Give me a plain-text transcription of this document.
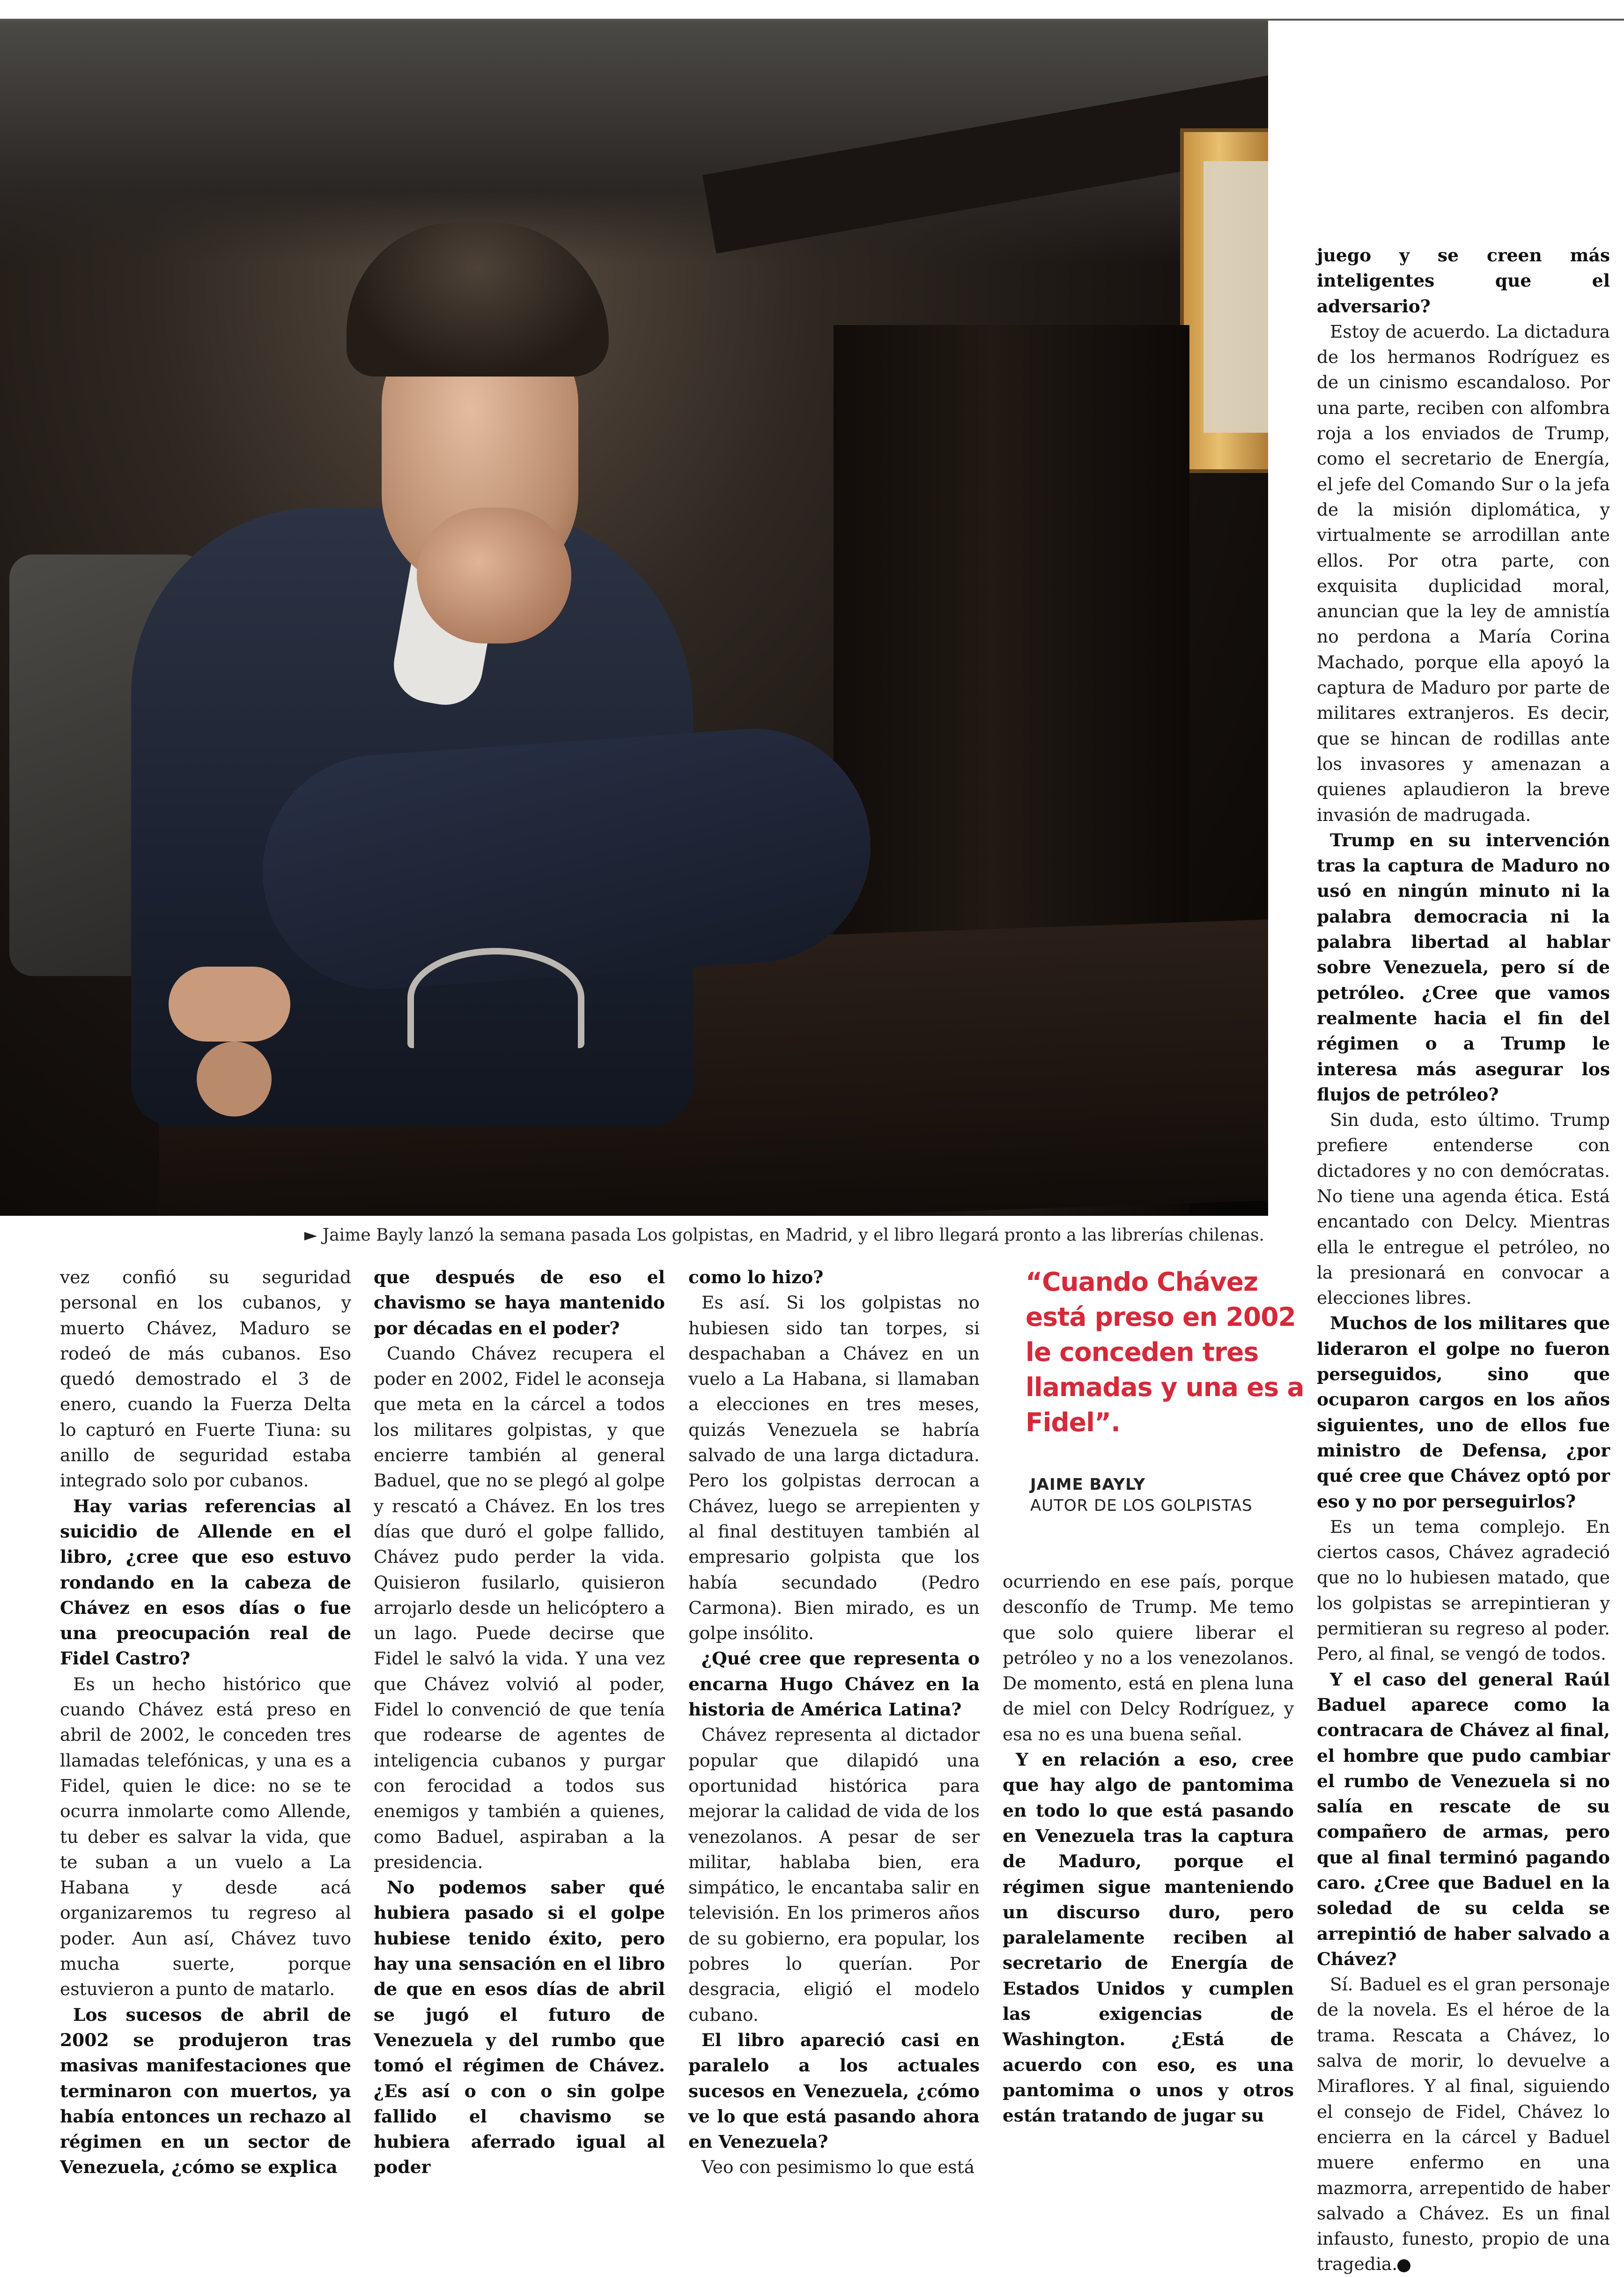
► Jaime Bayly lanzó la semana pasada Los golpistas, en Madrid, y el libro llegará pronto a las librerías chilenas.

vez confió su seguridad personal en los cubanos, y muerto Chávez, Maduro se rodeó de más cubanos. Eso quedó demostrado el 3 de enero, cuando la Fuerza Delta lo capturó en Fuerte Tiuna: su anillo de seguridad estaba integrado solo por cubanos.

Hay varias referencias al suicidio de Allende en el libro, ¿cree que eso estuvo rondando en la cabeza de Chávez en esos días o fue una preocupación real de Fidel Castro?

Es un hecho histórico que cuando Chávez está preso en abril de 2002, le conceden tres llamadas telefónicas, y una es a Fidel, quien le dice: no se te ocurra inmolarte como Allende, tu deber es salvar la vida, que te suban a un vuelo a La Habana y desde acá organizaremos tu regreso al poder. Aun así, Chávez tuvo mucha suerte, porque estuvieron a punto de matarlo.

Los sucesos de abril de 2002 se produjeron tras masivas manifestaciones que terminaron con muertos, ya había entonces un rechazo al régimen en un sector de Venezuela, ¿cómo se explica

que después de eso el chavismo se haya mantenido por décadas en el poder?

Cuando Chávez recupera el poder en 2002, Fidel le aconseja que meta en la cárcel a todos los militares golpistas, y que encierre también al general Baduel, que no se plegó al golpe y rescató a Chávez. En los tres días que duró el golpe fallido, Chávez pudo perder la vida. Quisieron fusilarlo, quisieron arrojarlo desde un helicóptero a un lago. Puede decirse que Fidel le salvó la vida. Y una vez que Chávez volvió al poder, Fidel lo convenció de que tenía que rodearse de agentes de inteligencia cubanos y purgar con ferocidad a todos sus enemigos y también a quienes, como Baduel, aspiraban a la presidencia.

No podemos saber qué hubiera pasado si el golpe hubiese tenido éxito, pero hay una sensación en el libro de que en esos días de abril se jugó el futuro de Venezuela y del rumbo que tomó el régimen de Chávez. ¿Es así o con o sin golpe fallido el chavismo se hubiera aferrado igual al poder

como lo hizo?

Es así. Si los golpistas no hubiesen sido tan torpes, si despachaban a Chávez en un vuelo a La Habana, si llamaban a elecciones en tres meses, quizás Venezuela se habría salvado de una larga dictadura. Pero los golpistas derrocan a Chávez, luego se arrepienten y al final destituyen también al empresario golpista que los había secundado (Pedro Carmona). Bien mirado, es un golpe insólito.

¿Qué cree que representa o encarna Hugo Chávez en la historia de América Latina?

Chávez representa al dictador popular que dilapidó una oportunidad histórica para mejorar la calidad de vida de los venezolanos. A pesar de ser militar, hablaba bien, era simpático, le encantaba salir en televisión. En los primeros años de su gobierno, era popular, los pobres lo querían. Por desgracia, eligió el modelo cubano.

El libro apareció casi en paralelo a los actuales sucesos en Venezuela, ¿cómo ve lo que está pasando ahora en Venezuela?

Veo con pesimismo lo que está

“Cuando Chávez está preso en 2002 le conceden tres llamadas y una es a Fidel”.
JAIME BAYLY
AUTOR DE LOS GOLPISTAS

ocurriendo en ese país, porque desconfío de Trump. Me temo que solo quiere liberar el petróleo y no a los venezolanos. De momento, está en plena luna de miel con Delcy Rodríguez, y esa no es una buena señal.

Y en relación a eso, cree que hay algo de pantomima en todo lo que está pasando en Venezuela tras la captura de Maduro, porque el régimen sigue manteniendo un discurso duro, pero paralelamente reciben al secretario de Energía de Estados Unidos y cumplen las exigencias de Washington. ¿Está de acuerdo con eso, es una pantomima o unos y otros están tratando de jugar su

juego y se creen más inteligentes que el adversario?

Estoy de acuerdo. La dictadura de los hermanos Rodríguez es de un cinismo escandaloso. Por una parte, reciben con alfombra roja a los enviados de Trump, como el secretario de Energía, el jefe del Comando Sur o la jefa de la misión diplomática, y virtualmente se arrodillan ante ellos. Por otra parte, con exquisita duplicidad moral, anuncian que la ley de amnistía no perdona a María Corina Machado, porque ella apoyó la captura de Maduro por parte de militares extranjeros. Es decir, que se hincan de rodillas ante los invasores y amenazan a quienes aplaudieron la breve invasión de madrugada.

Trump en su intervención tras la captura de Maduro no usó en ningún minuto ni la palabra democracia ni la palabra libertad al hablar sobre Venezuela, pero sí de petróleo. ¿Cree que vamos realmente hacia el fin del régimen o a Trump le interesa más asegurar los flujos de petróleo?

Sin duda, esto último. Trump prefiere entenderse con dictadores y no con demócratas. No tiene una agenda ética. Está encantado con Delcy. Mientras ella le entregue el petróleo, no la presionará en convocar a elecciones libres.

Muchos de los militares que lideraron el golpe no fueron perseguidos, sino que ocuparon cargos en los años siguientes, uno de ellos fue ministro de Defensa, ¿por qué cree que Chávez optó por eso y no por perseguirlos?

Es un tema complejo. En ciertos casos, Chávez agradeció que no lo hubiesen matado, que los golpistas se arrepintieran y permitieran su regreso al poder. Pero, al final, se vengó de todos.

Y el caso del general Raúl Baduel aparece como la contracara de Chávez al final, el hombre que pudo cambiar el rumbo de Venezuela si no salía en rescate de su compañero de armas, pero que al final terminó pagando caro. ¿Cree que Baduel en la soledad de su celda se arrepintió de haber salvado a Chávez?

Sí. Baduel es el gran personaje de la novela. Es el héroe de la trama. Rescata a Chávez, lo salva de morir, lo devuelve a Miraflores. Y al final, siguiendo el consejo de Fidel, Chávez lo encierra en la cárcel y Baduel muere enfermo en una mazmorra, arrepentido de haber salvado a Chávez. Es un final infausto, funesto, propio de una tragedia.
